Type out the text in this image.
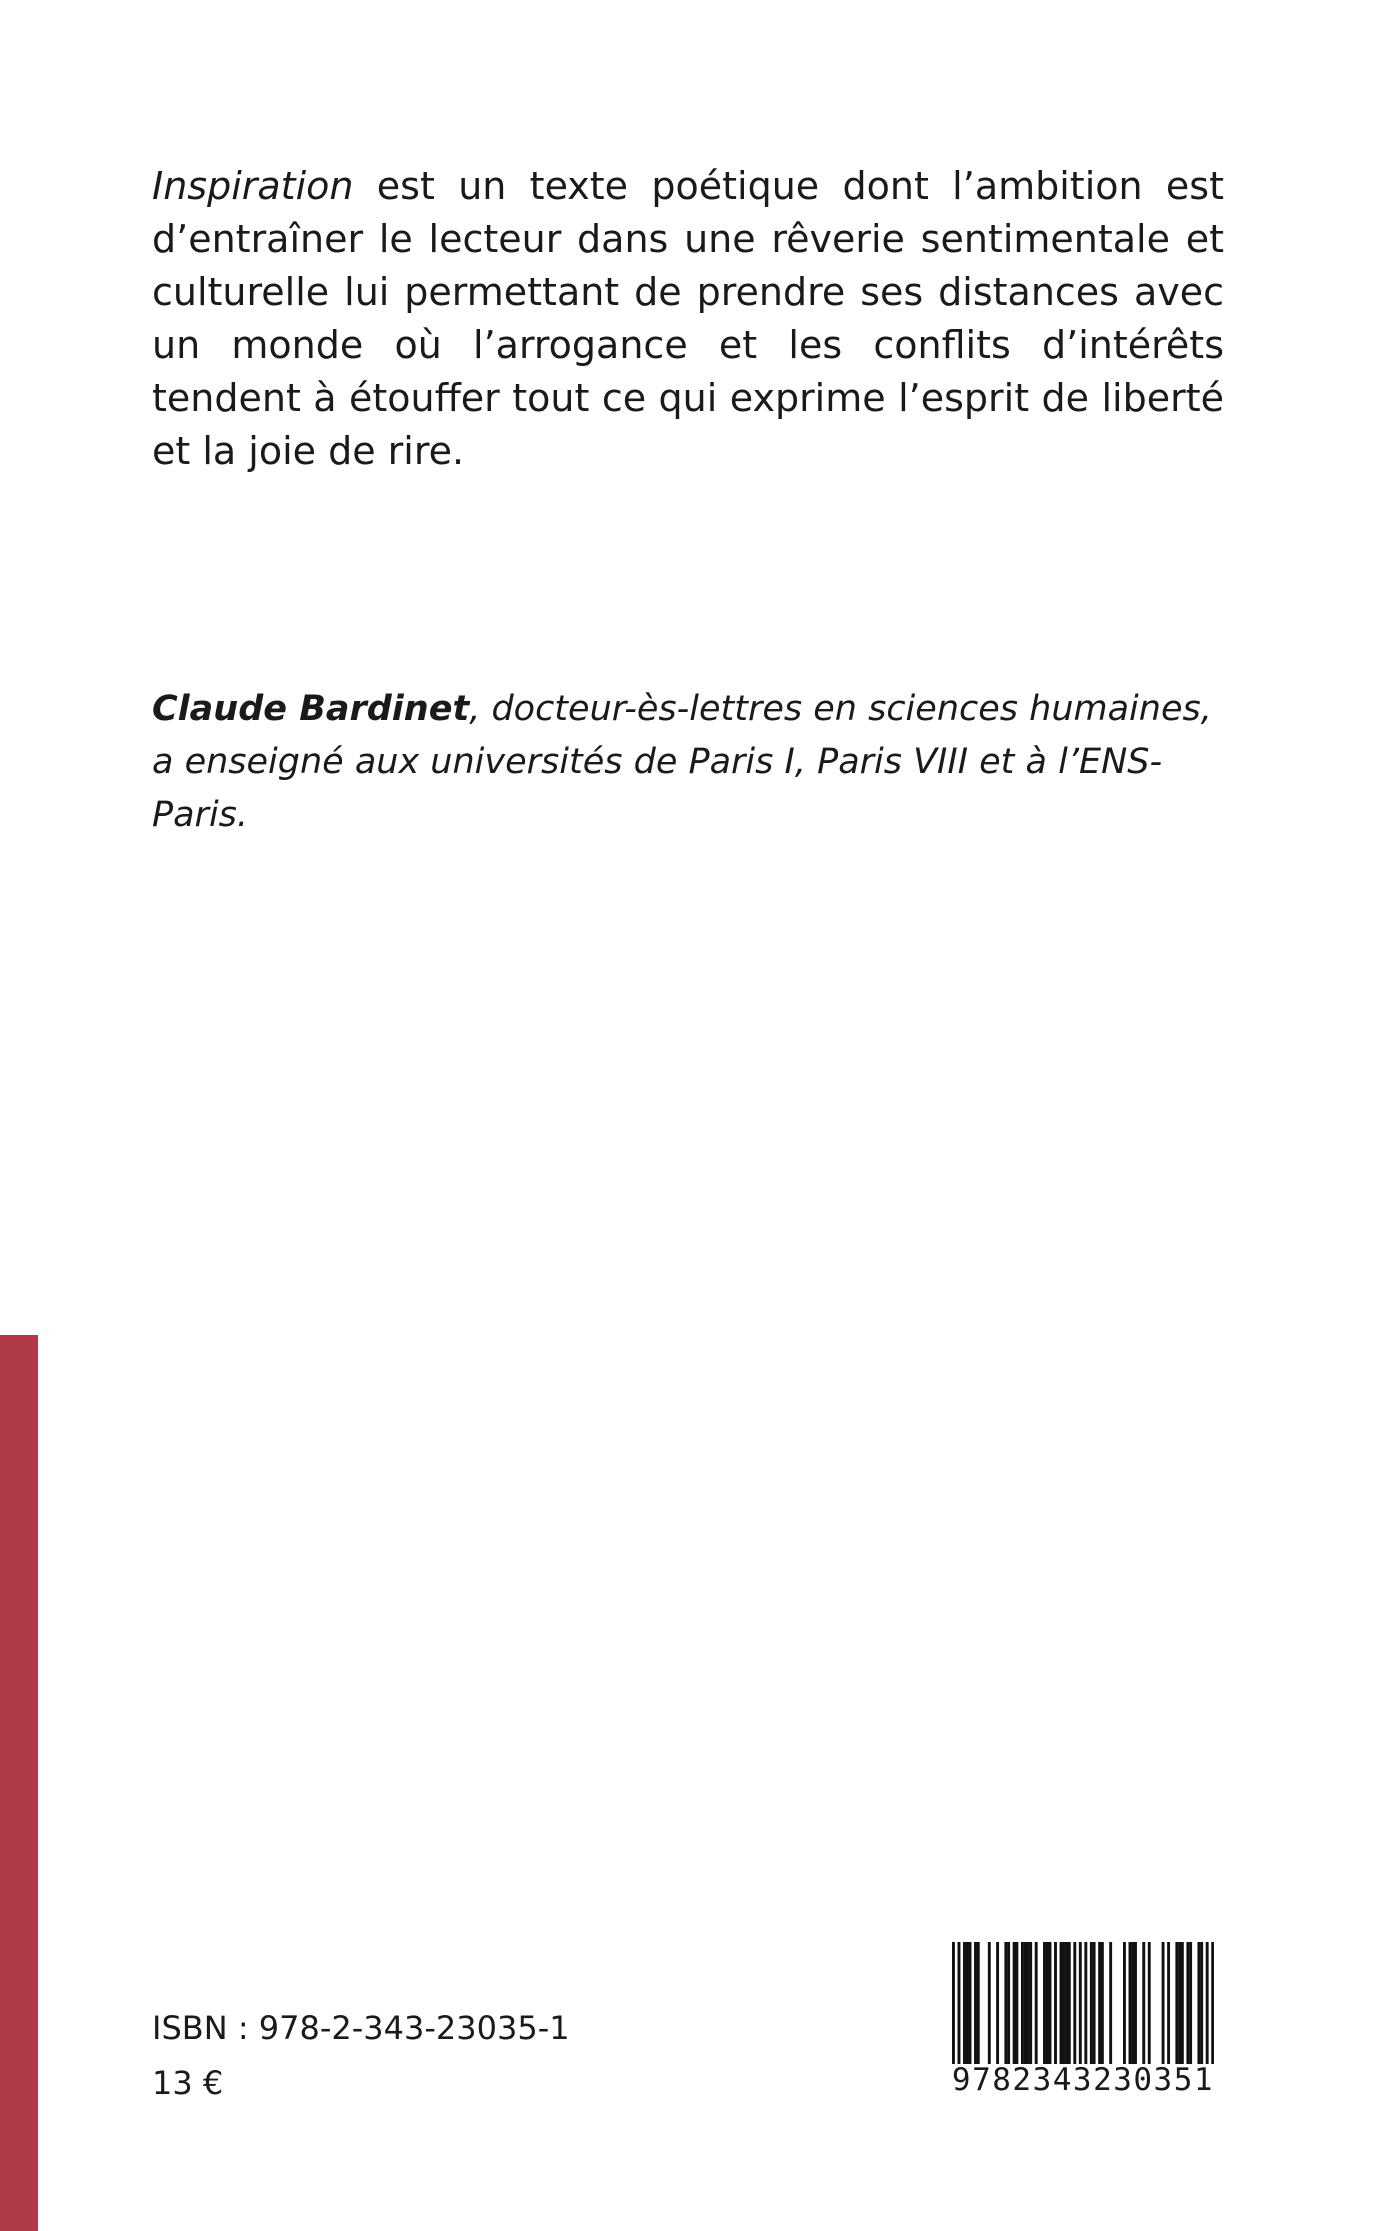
Inspiration est un texte poétique dont l’ambition est d’entraîner le lecteur dans une rêverie sentimentale et culturelle lui permettant de prendre ses distances avec un monde où l’arrogance et les conflits d’intérêts tendent à étouffer tout ce qui exprime l’esprit de liberté et la joie de rire.

Claude Bardinet, docteur-ès-lettres en sciences humaines, a enseigné aux universités de Paris I, Paris VIII et à l’ENS-Paris.

ISBN : 978-2-343-23035-1

13 €	9782343230351
